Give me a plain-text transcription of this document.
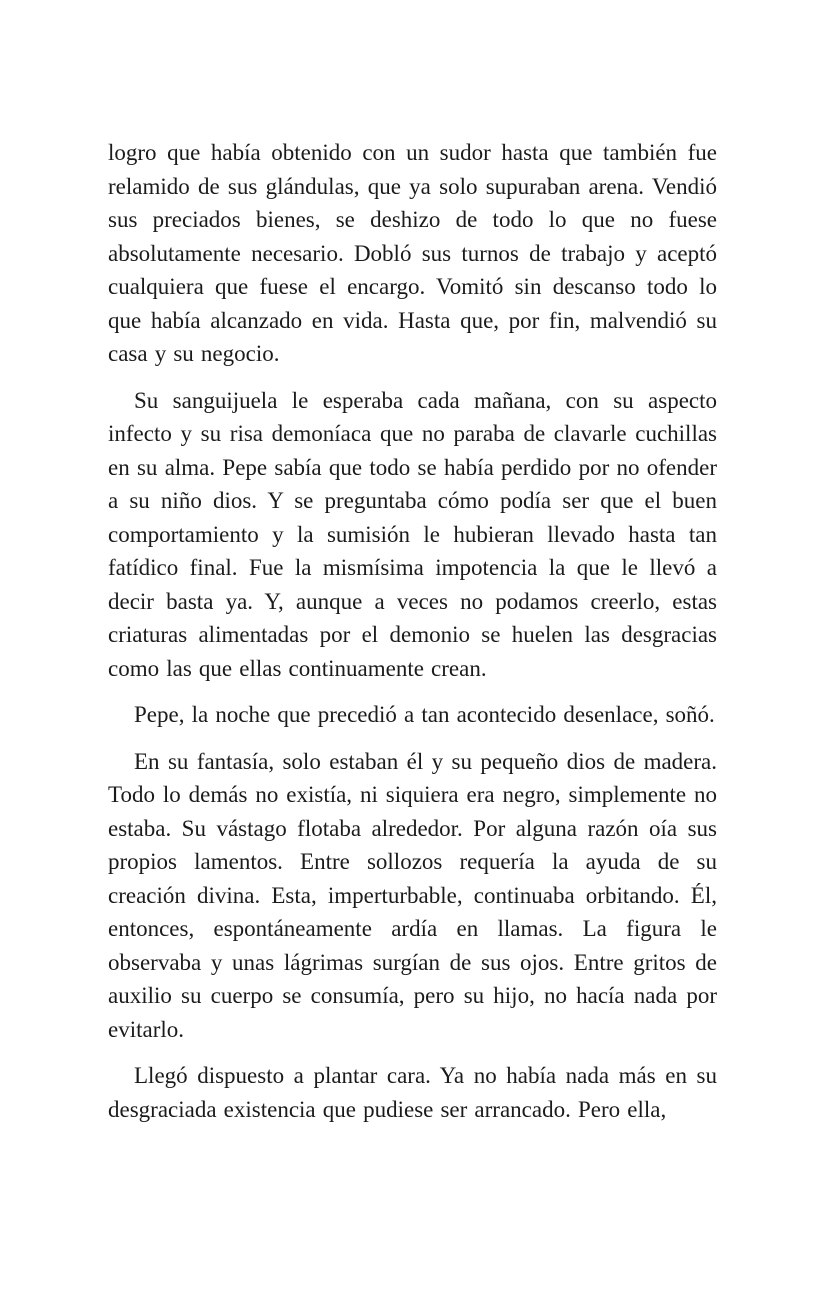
logro que había obtenido con un sudor hasta que también fue relamido de sus glándulas, que ya solo supuraban arena. Vendió sus preciados bienes, se deshizo de todo lo que no fuese absolutamente necesario. Dobló sus turnos de trabajo y aceptó cualquiera que fuese el encargo. Vomitó sin descanso todo lo que había alcanzado en vida. Hasta que, por fin, malvendió su casa y su negocio.

Su sanguijuela le esperaba cada mañana, con su aspecto infecto y su risa demoníaca que no paraba de clavarle cuchillas en su alma. Pepe sabía que todo se había perdido por no ofender a su niño dios. Y se preguntaba cómo podía ser que el buen comportamiento y la sumisión le hubieran llevado hasta tan fatídico final. Fue la mismísima impotencia la que le llevó a decir basta ya. Y, aunque a veces no podamos creerlo, estas criaturas alimentadas por el demonio se huelen las desgracias como las que ellas continuamente crean.

Pepe, la noche que precedió a tan acontecido desenlace, soñó.

En su fantasía, solo estaban él y su pequeño dios de madera. Todo lo demás no existía, ni siquiera era negro, simplemente no estaba. Su vástago flotaba alrededor. Por alguna razón oía sus propios lamentos. Entre sollozos requería la ayuda de su creación divina. Esta, imperturbable, continuaba orbitando. Él, entonces, espontáneamente ardía en llamas. La figura le observaba y unas lágrimas surgían de sus ojos. Entre gritos de auxilio su cuerpo se consumía, pero su hijo, no hacía nada por evitarlo.

Llegó dispuesto a plantar cara. Ya no había nada más en su desgraciada existencia que pudiese ser arrancado. Pero ella,
